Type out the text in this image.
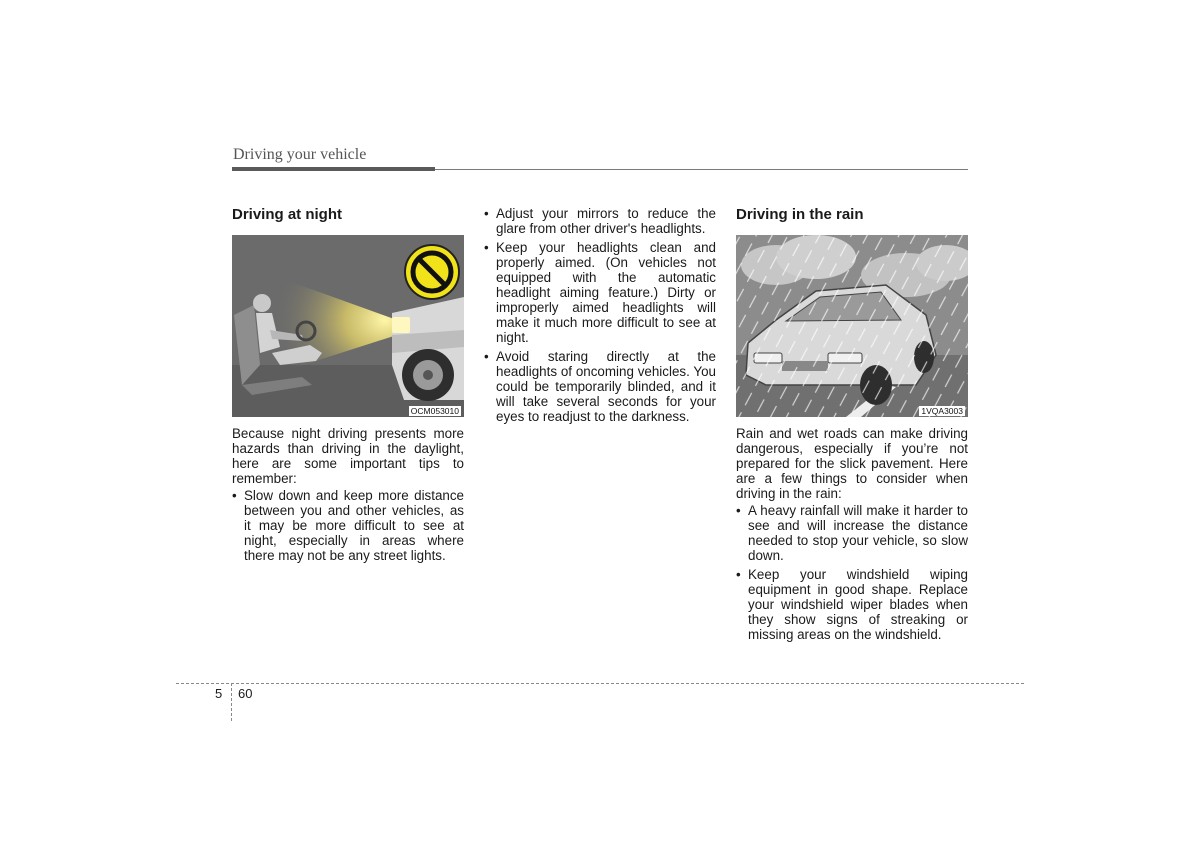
Driving your vehicle
Driving at night
OCM053010

Because night driving presents more hazards than driving in the daylight, here are some important tips to remember:

• Slow down and keep more distance between you and other vehicles, as it may be more difficult to see at night, especially in areas where there may not be any street lights.
• Adjust your mirrors to reduce the glare from other driver's headlights.
• Keep your headlights clean and properly aimed. (On vehicles not equipped with the automatic headlight aiming feature.) Dirty or improperly aimed headlights will make it much more difficult to see at night.
• Avoid staring directly at the headlights of oncoming vehicles. You could be temporarily blinded, and it will take several seconds for your eyes to readjust to the darkness.
Driving in the rain
1VQA3003

Rain and wet roads can make driving dangerous, especially if you’re not prepared for the slick pavement. Here are a few things to consider when driving in the rain:

• A heavy rainfall will make it harder to see and will increase the distance needed to stop your vehicle, so slow down.
• Keep your windshield wiping equipment in good shape. Replace your windshield wiper blades when they show signs of streaking or missing areas on the windshield.
5 60
